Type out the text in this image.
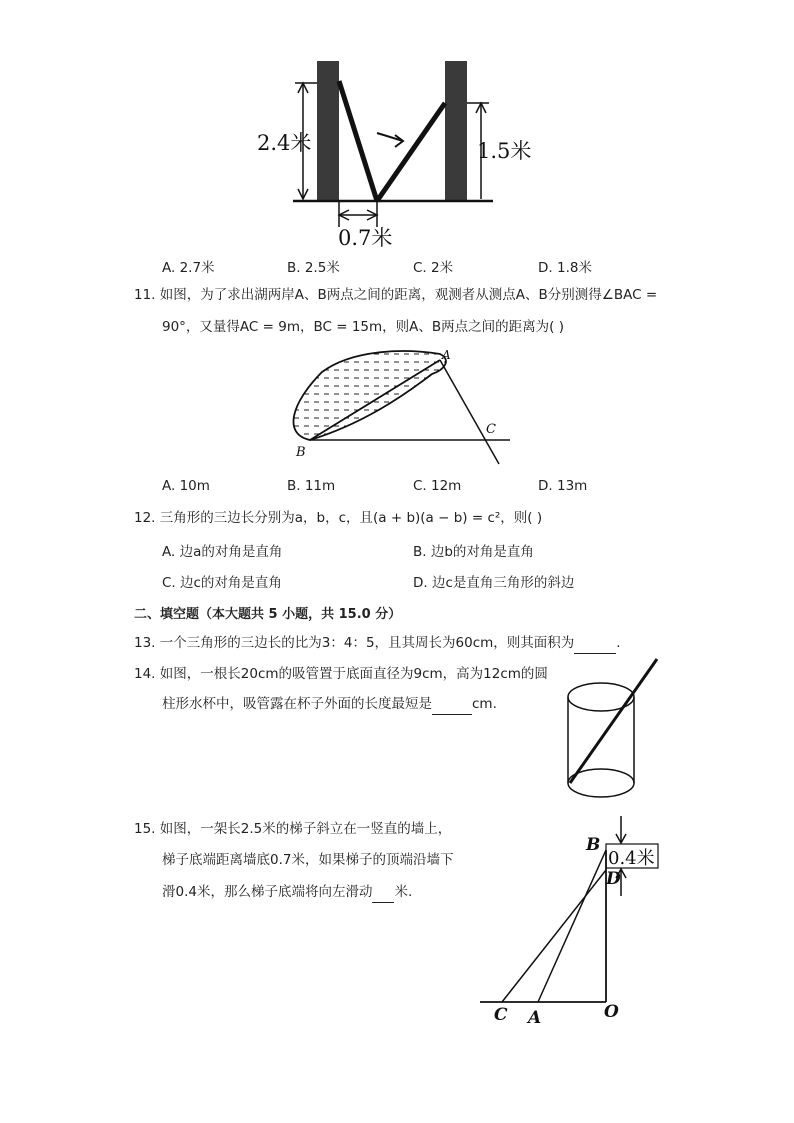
2.4米	1.5米
0.7米
A. 2.7米	B. 2.5米	C. 2米	D. 1.8米
11. 如图，为了求出湖两岸A、B两点之间的距离，观测者从测点A、B分别测得∠BAC =
90°，又量得AC = 9m，BC = 15m，则A、B两点之间的距离为( )
A
B
C
A. 10m	B. 11m	C. 12m	D. 13m
12. 三角形的三边长分别为a，b，c，且(a + b)(a − b) = c²，则( )
A. 边a的对角是直角	B. 边b的对角是直角
C. 边c的对角是直角	D. 边c是直角三角形的斜边
二、填空题（本大题共 5 小题，共 15.0 分）
13. 一个三角形的三边长的比为3：4：5，且其周长为60cm，则其面积为	.
14. 如图，一根长20cm的吸管置于底面直径为9cm，高为12cm的圆
柱形水杯中，吸管露在杯子外面的长度最短是	cm.
15. 如图，一架长2.5米的梯子斜立在一竖直的墙上，
梯子底端距离墙底0.7米，如果梯子的顶端沿墙下
滑0.4米，那么梯子底端将向左滑动 米.
0.4米
B
D
C A	O
